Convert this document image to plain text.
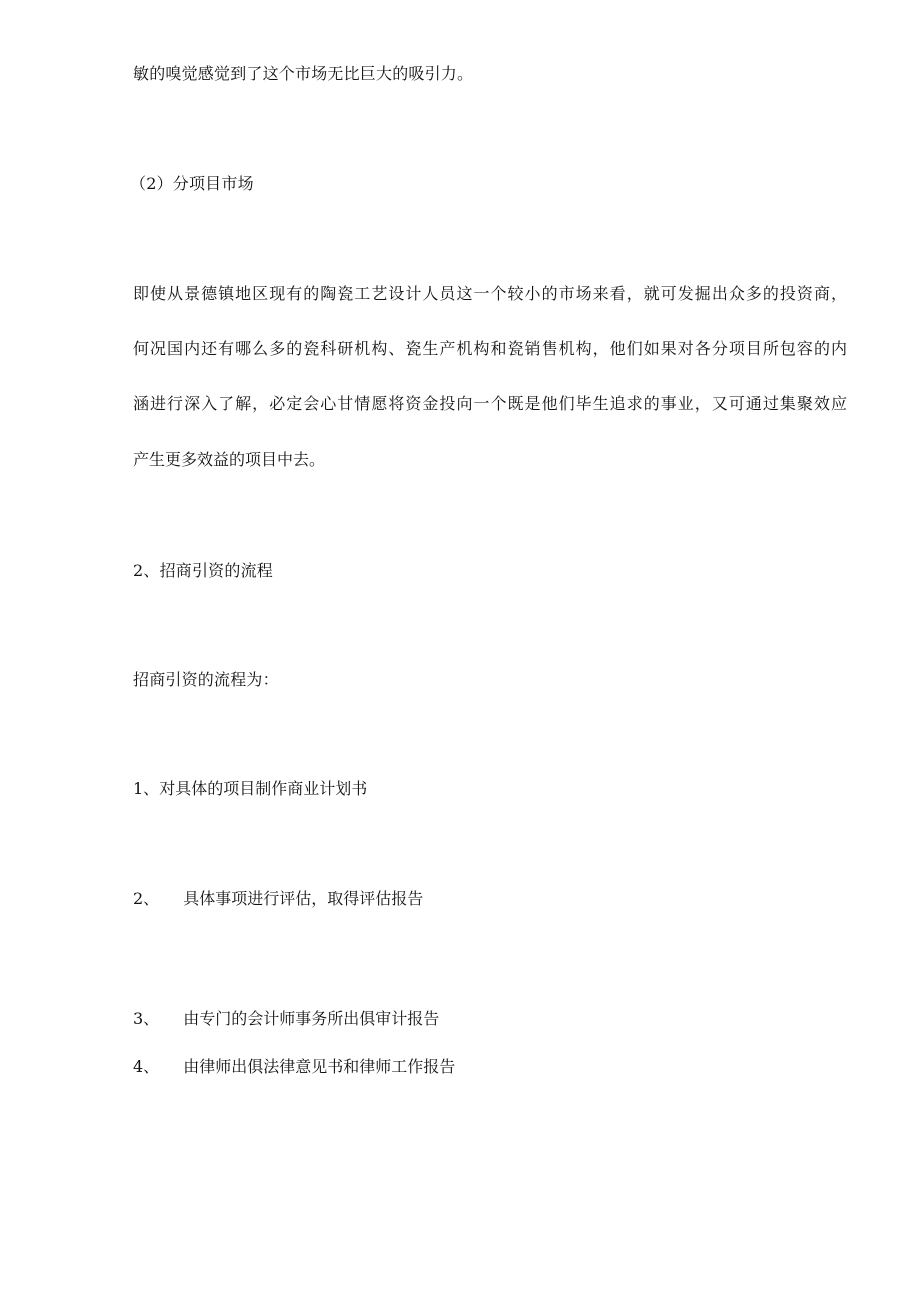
敏的嗅觉感觉到了这个市场无比巨大的吸引力。

（2）分项目市场

即使从景德镇地区现有的陶瓷工艺设计人员这一个较小的市场来看，就可发掘出众多的投资商，

何况国内还有哪么多的瓷科研机构、瓷生产机构和瓷销售机构，他们如果对各分项目所包容的内

涵进行深入了解，必定会心甘情愿将资金投向一个既是他们毕生追求的事业，又可通过集聚效应

产生更多效益的项目中去。

2、招商引资的流程

招商引资的流程为：

1、对具体的项目制作商业计划书

2、 具体事项进行评估，取得评估报告

3、 由专门的会计师事务所出俱审计报告

4、 由律师出俱法律意见书和律师工作报告
